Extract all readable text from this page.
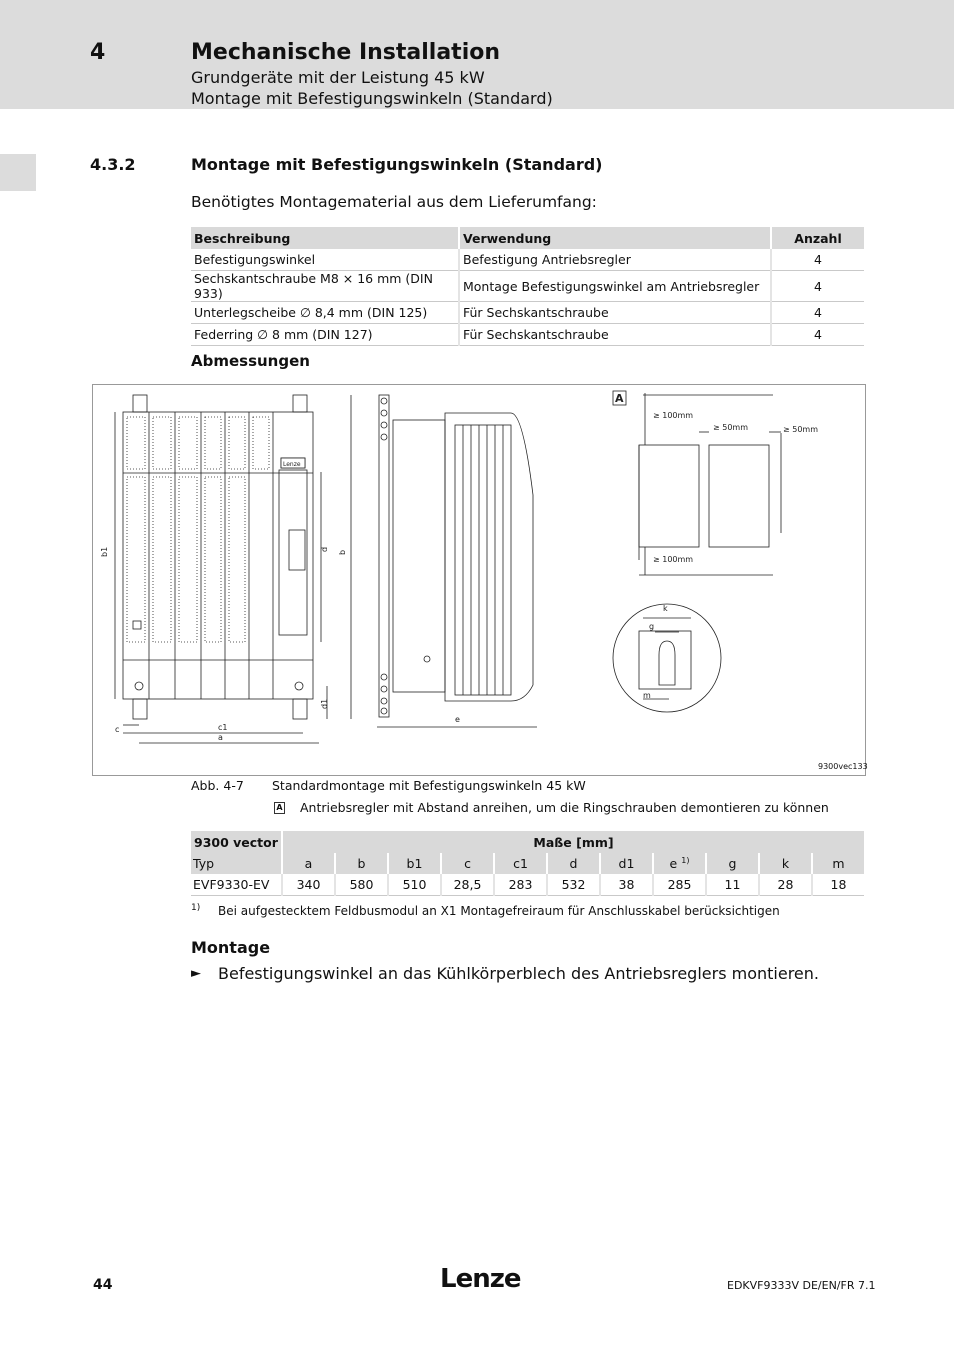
4	Mechanische Installation
Grundgeräte mit der Leistung 45 kW
Montage mit Befestigungswinkeln (Standard)
4.3.2	Montage mit Befestigungswinkeln (Standard)
Benötigtes Montagematerial aus dem Lieferumfang:
Beschreibung	Verwendung	Anzahl
Befestigungswinkel	Befestigung Antriebsregler	4
Sechskantschraube M8 × 16 mm (DIN 933)	Montage Befestigungswinkel am Antriebsregler	4
Unterlegscheibe ∅ 8,4 mm (DIN 125)	Für Sechskantschraube	4
Federring ∅ 8 mm (DIN 127)	Für Sechskantschraube	4
Abmessungen
b1	d
b
d1
c	c1
a
e
k
g
m
≥ 100mm
≥ 50mm	≥ 50mm
≥ 100mm
Lenze
A
9300vec133
Abb. 4-7 Standardmontage mit Befestigungswinkeln 45 kW
A Antriebsregler mit Abstand anreihen, um die Ringschrauben demontieren zu können
9300 vector	Maße [mm]										
Typ	a	b	b1	c	c1	d	d1	e $^{1)}$	g	k	m
EVF9330-EV	340	580	510	28,5	283	532	38	285	11	28	18
1) Bei aufgestecktem Feldbusmodul an X1 Montagefreiraum für Anschlusskabel berücksichtigen
Montage
► Befestigungswinkel an das Kühlkörperblech des Antriebsreglers montieren.
44	Lenze	EDKVF9333V DE/EN/FR 7.1
